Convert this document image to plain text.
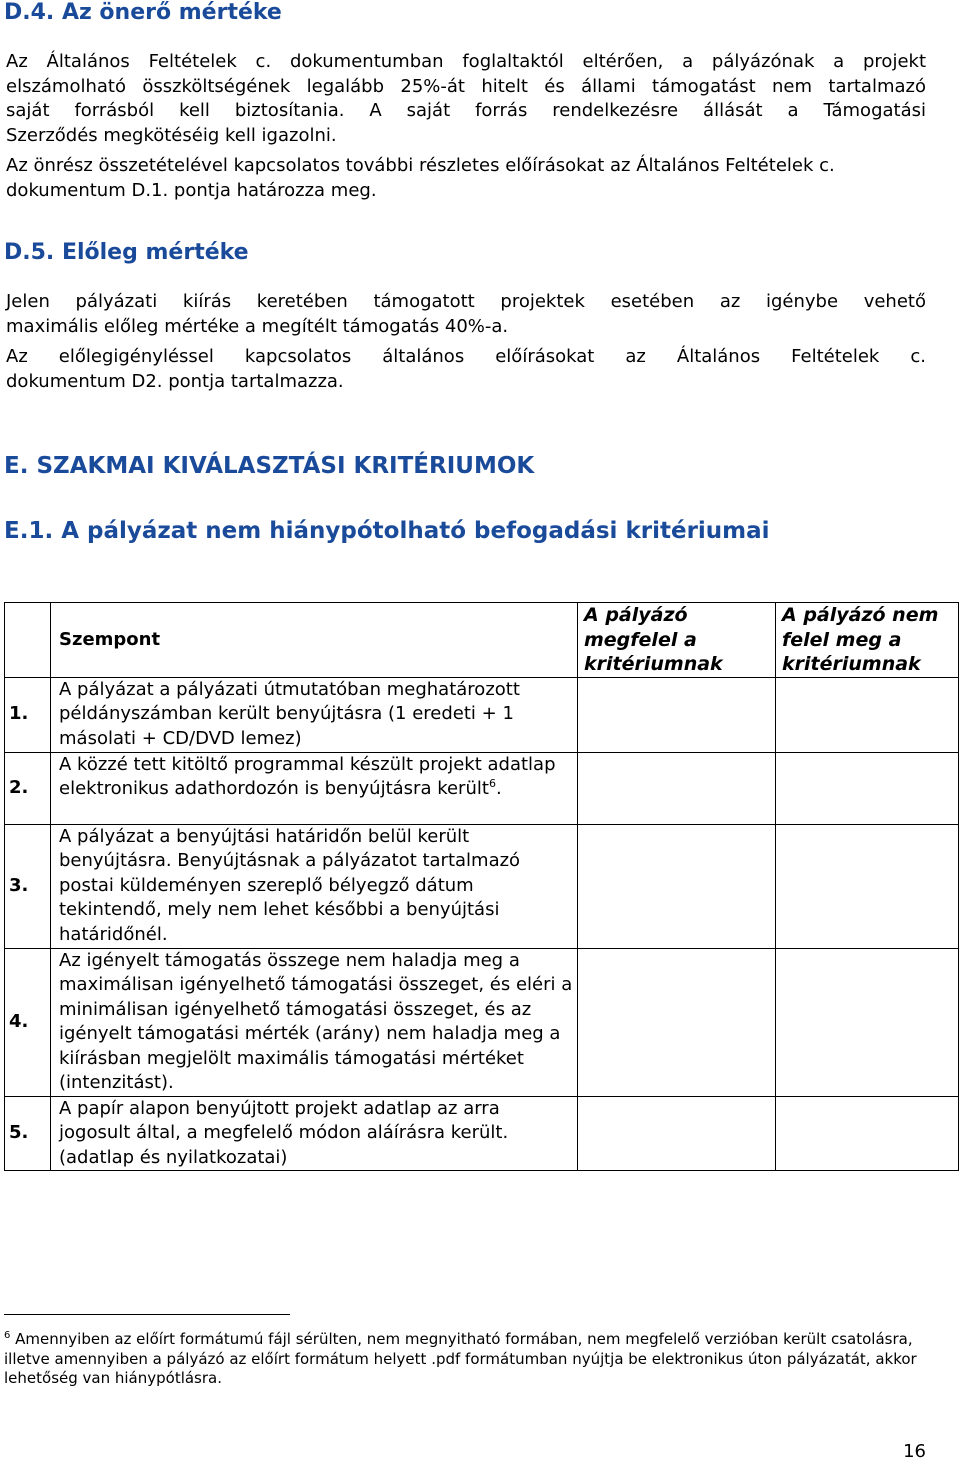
D.4. Az önerő mértéke

Az Általános Feltételek c. dokumentumban foglaltaktól eltérően, a pályázónak a projekt
elszámolható összköltségének legalább 25%-át hitelt és állami támogatást nem tartalmazó
saját forrásból kell biztosítania. A saját forrás rendelkezésre állását a Támogatási
Szerződés megkötéséig kell igazolni.

Az önrész összetételével kapcsolatos további részletes előírásokat az Általános Feltételek c.
dokumentum D.1. pontja határozza meg.

D.5. Előleg mértéke

Jelen pályázati kiírás keretében támogatott projektek esetében az igénybe vehető
maximális előleg mértéke a megítélt támogatás 40%-a.

Az előlegigényléssel kapcsolatos általános előírásokat az Általános Feltételek c.
dokumentum D2. pontja tartalmazza.

E. SZAKMAI KIVÁLASZTÁSI KRITÉRIUMOK
E.1. A pályázat nem hiánypótolható befogadási kritériumai
	Szempont	A pályázó megfelel a kritériumnak	A pályázó nem felel meg a kritériumnak
1.	A pályázat a pályázati útmutatóban meghatározott példányszámban került benyújtásra (1 eredeti + 1 másolati + CD/DVD lemez)		
2.	A közzé tett kitöltő programmal készült projekt adatlap elektronikus adathordozón is benyújtásra került$^6$.		
3.	A pályázat a benyújtási határidőn belül került benyújtásra. Benyújtásnak a pályázatot tartalmazó postai küldeményen szereplő bélyegző dátum tekintendő, mely nem lehet későbbi a benyújtási határidőnél.		
4.	Az igényelt támogatás összege nem haladja meg a maximálisan igényelhető támogatási összeget, és eléri a minimálisan igényelhető támogatási összeget, és az igényelt támogatási mérték (arány) nem haladja meg a kiírásban megjelölt maximális támogatási mértéket (intenzitást).		
5.	A papír alapon benyújtott projekt adatlap az arra jogosult által, a megfelelő módon aláírásra került. (adatlap és nyilatkozatai)		

$^6$ Amennyiben az előírt formátumú fájl sérülten, nem megnyitható formában, nem megfelelő verzióban került csatolásra, illetve amennyiben a pályázó az előírt formátum helyett .pdf formátumban nyújtja be elektronikus úton pályázatát, akkor lehetőség van hiánypótlásra.

16
